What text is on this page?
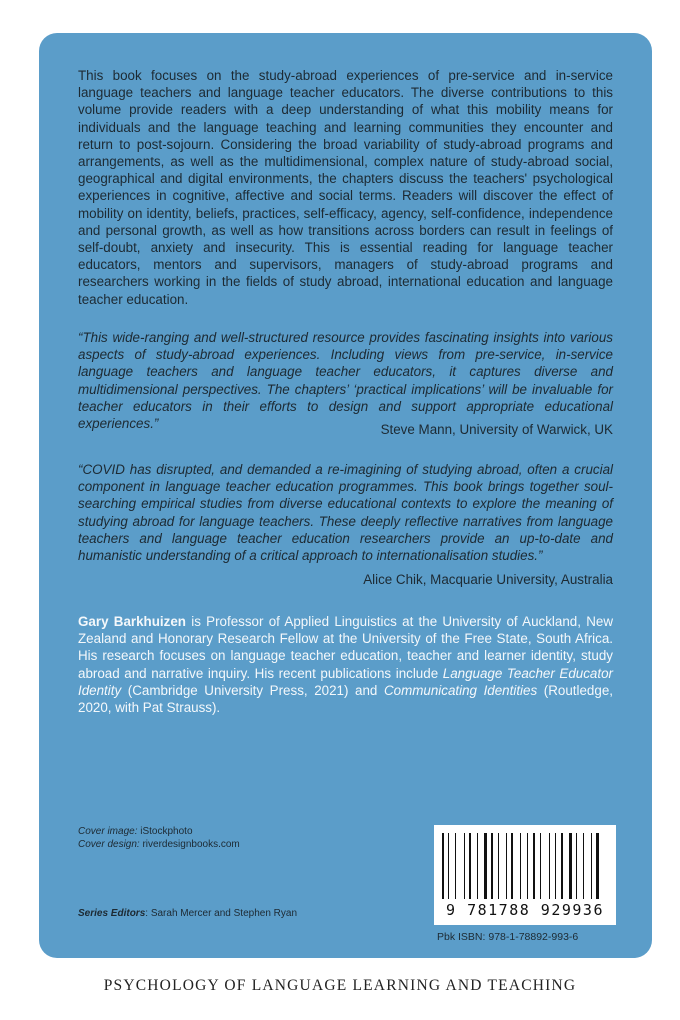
This book focuses on the study-abroad experiences of pre-service and in-service language teachers and language teacher educators. The diverse contributions to this volume provide readers with a deep understanding of what this mobility means for individuals and the language teaching and learning communities they encounter and return to post-sojourn. Considering the broad variability of study-abroad programs and arrangements, as well as the multidimensional, complex nature of study-abroad social, geographical and digital environments, the chapters discuss the teachers' psychological experiences in cognitive, affective and social terms. Readers will discover the effect of mobility on identity, beliefs, practices, self-efficacy, agency, self-confidence, independence and personal growth, as well as how transitions across borders can result in feelings of self-doubt, anxiety and insecurity. This is essential reading for language teacher educators, mentors and supervisors, managers of study-abroad programs and researchers working in the fields of study abroad, international education and language teacher education.

“This wide-ranging and well-structured resource provides fascinating insights into various aspects of study-abroad experiences. Including views from pre-service, in-service language teachers and language teacher educators, it captures diverse and multidimensional perspectives. The chapters’ ‘practical implications’ will be invaluable for teacher educators in their efforts to design and support appropriate educational experiences.”	Steve Mann, University of Warwick, UK

“COVID has disrupted, and demanded a re-imagining of studying abroad, often a crucial component in language teacher education programmes. This book brings together soul-searching empirical studies from diverse educational contexts to explore the meaning of studying abroad for language teachers. These deeply reflective narratives from language teachers and language teacher education researchers provide an up-to-date and humanistic understanding of a critical approach to internationalisation studies.”

Alice Chik, Macquarie University, Australia

Gary Barkhuizen is Professor of Applied Linguistics at the University of Auckland, New Zealand and Honorary Research Fellow at the University of the Free State, South Africa. His research focuses on language teacher education, teacher and learner identity, study abroad and narrative inquiry. His recent publications include Language Teacher Educator Identity (Cambridge University Press, 2021) and Communicating Identities (Routledge, 2020, with Pat Strauss).

Cover image: iStockphoto
Cover design: riverdesignbooks.com
Series Editors: Sarah Mercer and Stephen Ryan	9 781788 929936
Pbk ISBN: 978-1-78892-993-6
PSYCHOLOGY OF LANGUAGE LEARNING AND TEACHING
